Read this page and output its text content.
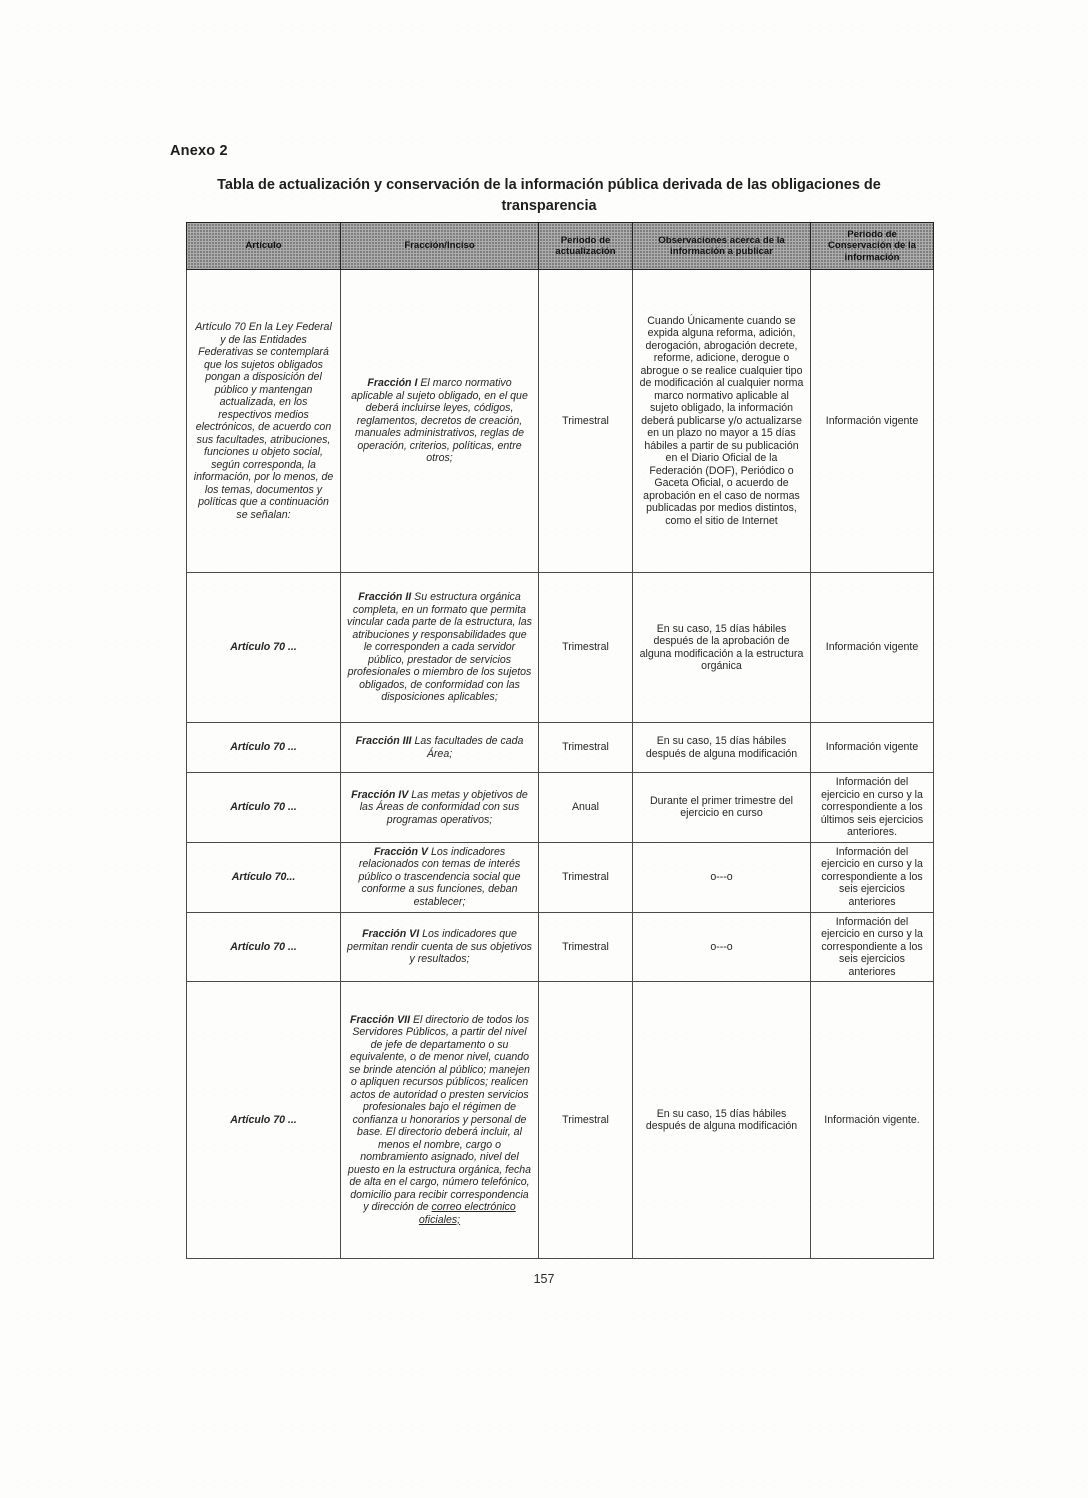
Anexo 2
Tabla de actualización y conservación de la información pública derivada de las obligaciones de transparencia
Artículo	Fracción/Inciso	Periodo de actualización	Observaciones acerca de la información a publicar	Periodo de Conservación de la información
Artículo 70 En la Ley Federal y de las Entidades Federativas se contemplará que los sujetos obligados pongan a disposición del público y mantengan actualizada, en los respectivos medios electrónicos, de acuerdo con sus facultades, atribuciones, funciones u objeto social, según corresponda, la información, por lo menos, de los temas, documentos y políticas que a continuación se señalan:	Fracción I El marco normativo aplicable al sujeto obligado, en el que deberá incluirse leyes, códigos, reglamentos, decretos de creación, manuales administrativos, reglas de operación, criterios, políticas, entre otros;	Trimestral	Cuando Únicamente cuando se expida alguna reforma, adición, derogación, abrogación decrete, reforme, adicione, derogue o abrogue o se realice cualquier tipo de modificación al cualquier norma marco normativo aplicable al sujeto obligado, la información deberá publicarse y/o actualizarse en un plazo no mayor a 15 días hábiles a partir de su publicación en el Diario Oficial de la Federación (DOF), Periódico o Gaceta Oficial, o acuerdo de aprobación en el caso de normas publicadas por medios distintos, como el sitio de Internet	Información vigente
Artículo 70 ...	Fracción II Su estructura orgánica completa, en un formato que permita vincular cada parte de la estructura, las atribuciones y responsabilidades que le corresponden a cada servidor público, prestador de servicios profesionales o miembro de los sujetos obligados, de conformidad con las disposiciones aplicables;	Trimestral	En su caso, 15 días hábiles después de la aprobación de alguna modificación a la estructura orgánica	Información vigente
Artículo 70 ...	Fracción III Las facultades de cada Área;	Trimestral	En su caso, 15 días hábiles después de alguna modificación	Información vigente
Artículo 70 ...	Fracción IV Las metas y objetivos de las Áreas de conformidad con sus programas operativos;	Anual	Durante el primer trimestre del ejercicio en curso	Información del ejercicio en curso y la correspondiente a los últimos seis ejercicios anteriores.
Artículo 70...	Fracción V Los indicadores relacionados con temas de interés público o trascendencia social que conforme a sus funciones, deban establecer;	Trimestral	o---o	Información del ejercicio en curso y la correspondiente a los seis ejercicios anteriores
Artículo 70 ...	Fracción VI Los indicadores que permitan rendir cuenta de sus objetivos y resultados;	Trimestral	o---o	Información del ejercicio en curso y la correspondiente a los seis ejercicios anteriores
Artículo 70 ...	Fracción VII El directorio de todos los Servidores Públicos, a partir del nivel de jefe de departamento o su equivalente, o de menor nivel, cuando se brinde atención al público; manejen o apliquen recursos públicos; realicen actos de autoridad o presten servicios profesionales bajo el régimen de confianza u honorarios y personal de base. El directorio deberá incluir, al menos el nombre, cargo o nombramiento asignado, nivel del puesto en la estructura orgánica, fecha de alta en el cargo, número telefónico, domicilio para recibir correspondencia y dirección de correo electrónico oficiales;	Trimestral	En su caso, 15 días hábiles después de alguna modificación	Información vigente.
157
